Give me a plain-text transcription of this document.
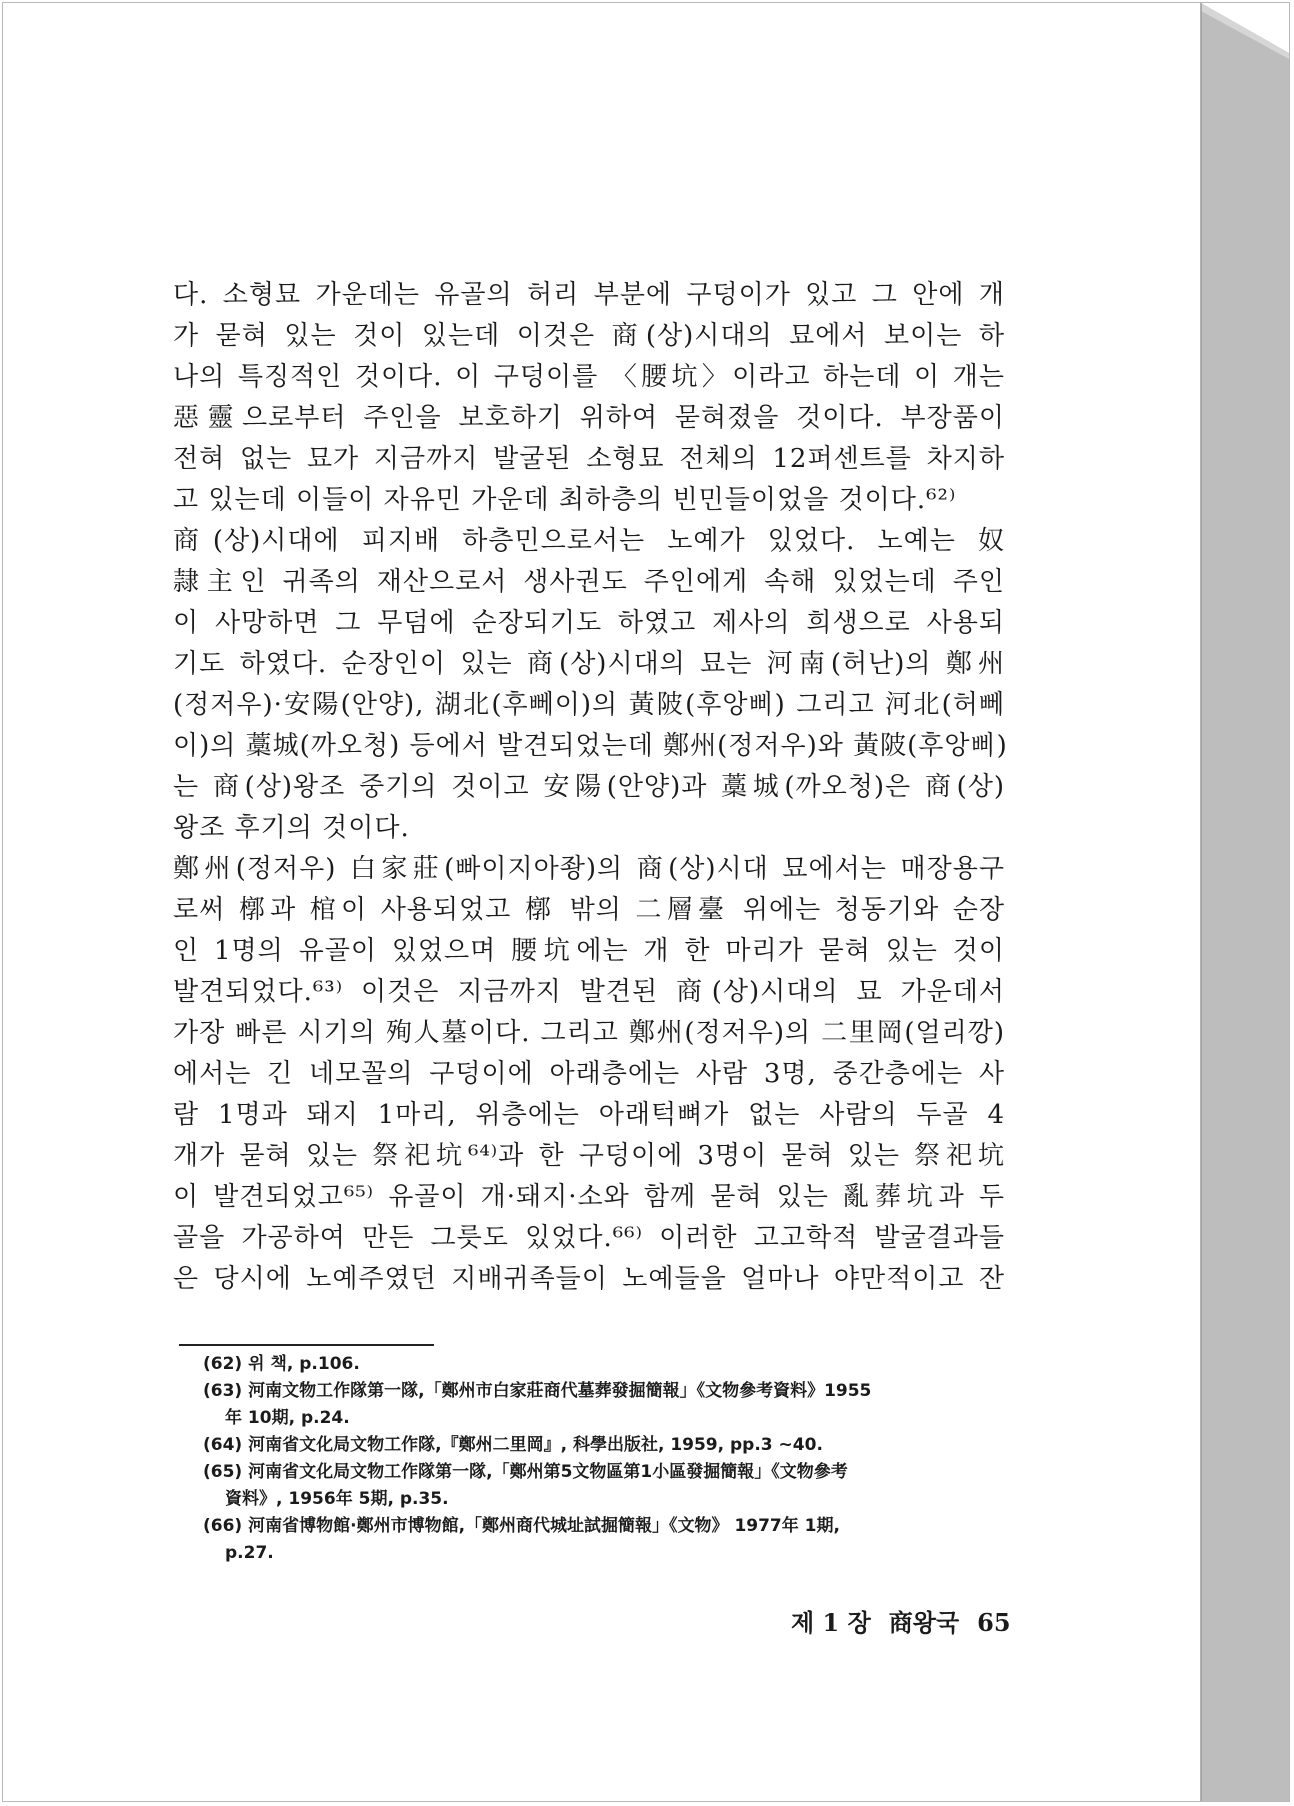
다. 소형묘 가운데는 유골의 허리 부분에 구덩이가 있고 그 안에 개
가 묻혀 있는 것이 있는데 이것은 商(상)시대의 묘에서 보이는 하
나의 특징적인 것이다. 이 구덩이를 〈腰坑〉이라고 하는데 이 개는
惡靈으로부터 주인을 보호하기 위하여 묻혀졌을 것이다. 부장품이
전혀 없는 묘가 지금까지 발굴된 소형묘 전체의 12퍼센트를 차지하
고 있는데 이들이 자유민 가운데 최하층의 빈민들이었을 것이다.⁶²⁾
商(상)시대에 피지배 하층민으로서는 노예가 있었다. 노예는 奴
隷主인 귀족의 재산으로서 생사권도 주인에게 속해 있었는데 주인
이 사망하면 그 무덤에 순장되기도 하였고 제사의 희생으로 사용되
기도 하였다. 순장인이 있는 商(상)시대의 묘는 河南(허난)의 鄭州
(정저우)·安陽(안양), 湖北(후뻬이)의 黃陂(후앙삐) 그리고 河北(허뻬
이)의 藁城(까오청) 등에서 발견되었는데 鄭州(정저우)와 黃陂(후앙삐)
는 商(상)왕조 중기의 것이고 安陽(안양)과 藁城(까오청)은 商(상)
왕조 후기의 것이다.
鄭州(정저우) 白家莊(빠이지아좡)의 商(상)시대 묘에서는 매장용구
로써 槨과 棺이 사용되었고 槨 밖의 二層臺 위에는 청동기와 순장
인 1명의 유골이 있었으며 腰坑에는 개 한 마리가 묻혀 있는 것이
발견되었다.⁶³⁾ 이것은 지금까지 발견된 商(상)시대의 묘 가운데서
가장 빠른 시기의 殉人墓이다. 그리고 鄭州(정저우)의 二里岡(얼리깡)
에서는 긴 네모꼴의 구덩이에 아래층에는 사람 3명, 중간층에는 사
람 1명과 돼지 1마리, 위층에는 아래턱뼈가 없는 사람의 두골 4
개가 묻혀 있는 祭祀坑⁶⁴⁾과 한 구덩이에 3명이 묻혀 있는 祭祀坑
이 발견되었고⁶⁵⁾ 유골이 개·돼지·소와 함께 묻혀 있는 亂葬坑과 두
골을 가공하여 만든 그릇도 있었다.⁶⁶⁾ 이러한 고고학적 발굴결과들
은 당시에 노예주였던 지배귀족들이 노예들을 얼마나 야만적이고 잔
(62) 위 책, p.106.
(63) 河南文物工作隊第一隊,「鄭州市白家莊商代墓葬發掘簡報」《文物參考資料》1955
年 10期, p.24.
(64) 河南省文化局文物工作隊,『鄭州二里岡』, 科學出版社, 1959, pp.3 ~40.
(65) 河南省文化局文物工作隊第一隊,「鄭州第5文物區第1小區發掘簡報」《文物參考
資料》, 1956年 5期, p.35.
(66) 河南省博物館·鄭州市博物館,「鄭州商代城址試掘簡報」《文物》 1977年 1期,
p.27.
제 1 장 商왕국 65
